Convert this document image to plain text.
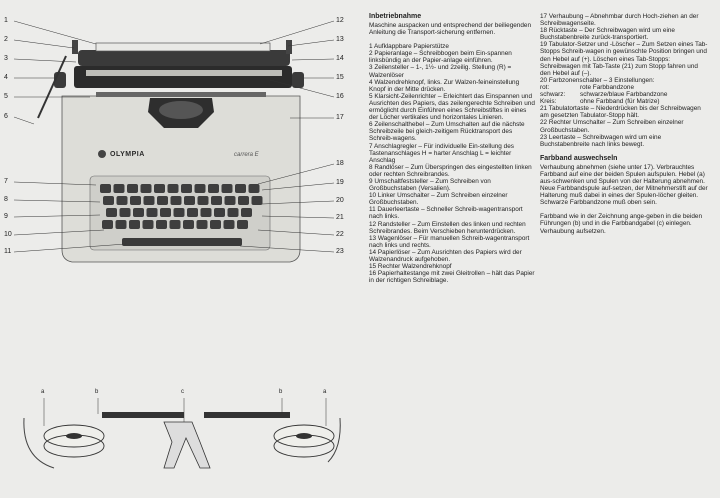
OLYMPIA	carrera E
a	b	c	b	a
1
2
3
4
5
6
7
8
9
10
11
12
13
14
15
16
17
18
19
20
21
22
23
Inbetriebnahme

Maschine auspacken und entsprechend der beiliegenden Anleitung die Transport-sicherung entfernen.

1 Aufklappbare Papierstütze

2 Papieranlage – Schreibbogen beim Ein-spannen linksbündig an der Papier-anlage einführen.

3 Zeilensteller – 1-, 1½- und 2zeilig. Stellung (R) = Walzenlöser

4 Walzendrehknopf, links. Zur Walzen-feineinstellung Knopf in der Mitte drücken.

5 Klarsicht-Zeilenrichter – Erleichtert das Einspannen und Ausrichten des Papiers, das zeilengerechte Schreiben und ermöglicht durch Einführen eines Schreibstiftes in eines der Löcher vertikales und horizontales Linieren.

6 Zeilenschalthebel – Zum Umschalten auf die nächste Schreibzeile bei gleich-zeitigem Rücktransport des Schreib-wagens.

7 Anschlagregler – Für individuelle Ein-stellung des Tastenanschlages H = harter Anschlag L = leichter Anschlag

8 Randlöser – Zum Überspringen des eingestellten linken oder rechten Schreibrandes.

9 Umschaltfeststeller – Zum Schreiben von Großbuchstaben (Versalien).

10 Linker Umschalter – Zum Schreiben einzelner Großbuchstaben.

11 Dauerleertaste – Schneller Schreib-wagentransport nach links.

12 Randsteller – Zum Einstellen des linken und rechten Schreibrandes. Beim Verschieben herunterdrücken.

13 Wagenlöser – Für manuellen Schreib-wagentransport nach links und rechts.

14 Papierlöser – Zum Ausrichten des Papiers wird der Walzenandruck aufgehoben.

15 Rechter Walzendrehknopf

16 Papierhaltestange mit zwei Gleitrollen – hält das Papier in der richtigen Schreiblage.

17 Verhaubung – Abnehmbar durch Hoch-ziehen an der Schreibwagenseite.

18 Rücktaste – Der Schreibwagen wird um eine Buchstabenbreite zurück-transportiert.

19 Tabulator-Setzer und -Löscher – Zum Setzen eines Tab-Stopps Schreib-wagen in gewünschte Position bringen und den Hebel auf (+). Löschen eines Tab-Stopps: Schreibwagen mit Tab-Taste (21) zum Stopp fahren und den Hebel auf (–).

20 Farbzonenschalter – 3 Einstellungen:

rot:	rote Farbbandzone
schwarz:	schwarze/blaue Farbbandzone
Kreis:	ohne Farbband (für Matrize)

21 Tabulatortaste – Niederdrücken bis der Schreibwagen am gesetzten Tabulator-Stopp hält.

22 Rechter Umschalter – Zum Schreiben einzelner Großbuchstaben.

23 Leertaste – Schreibwagen wird um eine Buchstabenbreite nach links bewegt.

Farbband auswechseln

Verhaubung abnehmen (siehe unter 17). Verbrauchtes Farbband auf eine der beiden Spulen aufspulen. Hebel (a) aus-schwenken und Spulen von der Halterung abnehmen. Neue Farbbandspule auf-setzen, der Mitnehmerstift auf der Halterung muß dabei in eines der Spulen-löcher gleiten. Schwarze Farbbandzone muß oben sein.

Farbband wie in der Zeichnung ange-geben in die beiden Führungen (b) und in die Farbbandgabel (c) einlegen. Verhaubung aufsetzen.
